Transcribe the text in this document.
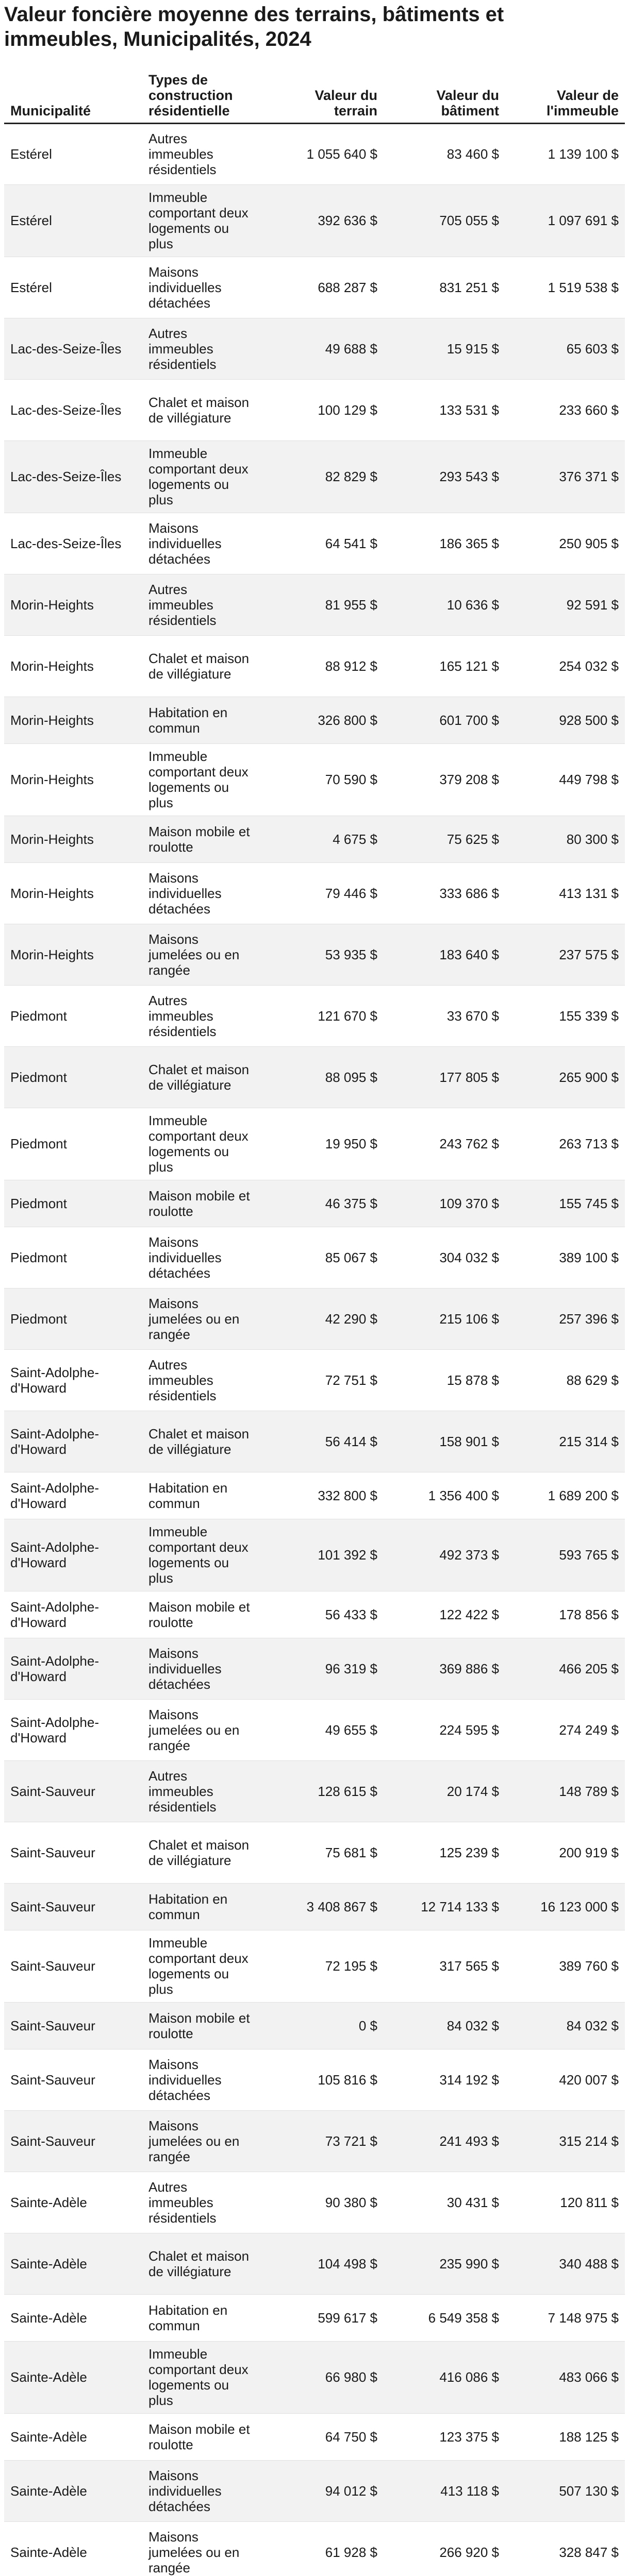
Valeur foncière moyenne des terrains, bâtiments et immeubles, Municipalités, 2024
Municipalité	Types de construction résidentielle	Valeur du terrain	Valeur du bâtiment	Valeur de l'immeuble
Estérel	Autres immeubles résidentiels	1 055 640 $	83 460 $	1 139 100 $
Estérel	Immeuble comportant deux logements ou plus	392 636 $	705 055 $	1 097 691 $
Estérel	Maisons individuelles détachées	688 287 $	831 251 $	1 519 538 $
Lac-des-Seize-Îles	Autres immeubles résidentiels	49 688 $	15 915 $	65 603 $
Lac-des-Seize-Îles	Chalet et maison de villégiature	100 129 $	133 531 $	233 660 $
Lac-des-Seize-Îles	Immeuble comportant deux logements ou plus	82 829 $	293 543 $	376 371 $
Lac-des-Seize-Îles	Maisons individuelles détachées	64 541 $	186 365 $	250 905 $
Morin-Heights	Autres immeubles résidentiels	81 955 $	10 636 $	92 591 $
Morin-Heights	Chalet et maison de villégiature	88 912 $	165 121 $	254 032 $
Morin-Heights	Habitation en commun	326 800 $	601 700 $	928 500 $
Morin-Heights	Immeuble comportant deux logements ou plus	70 590 $	379 208 $	449 798 $
Morin-Heights	Maison mobile et roulotte	4 675 $	75 625 $	80 300 $
Morin-Heights	Maisons individuelles détachées	79 446 $	333 686 $	413 131 $
Morin-Heights	Maisons jumelées ou en rangée	53 935 $	183 640 $	237 575 $
Piedmont	Autres immeubles résidentiels	121 670 $	33 670 $	155 339 $
Piedmont	Chalet et maison de villégiature	88 095 $	177 805 $	265 900 $
Piedmont	Immeuble comportant deux logements ou plus	19 950 $	243 762 $	263 713 $
Piedmont	Maison mobile et roulotte	46 375 $	109 370 $	155 745 $
Piedmont	Maisons individuelles détachées	85 067 $	304 032 $	389 100 $
Piedmont	Maisons jumelées ou en rangée	42 290 $	215 106 $	257 396 $
Saint-Adolphe-d'Howard	Autres immeubles résidentiels	72 751 $	15 878 $	88 629 $
Saint-Adolphe-d'Howard	Chalet et maison de villégiature	56 414 $	158 901 $	215 314 $
Saint-Adolphe-d'Howard	Habitation en commun	332 800 $	1 356 400 $	1 689 200 $
Saint-Adolphe-d'Howard	Immeuble comportant deux logements ou plus	101 392 $	492 373 $	593 765 $
Saint-Adolphe-d'Howard	Maison mobile et roulotte	56 433 $	122 422 $	178 856 $
Saint-Adolphe-d'Howard	Maisons individuelles détachées	96 319 $	369 886 $	466 205 $
Saint-Adolphe-d'Howard	Maisons jumelées ou en rangée	49 655 $	224 595 $	274 249 $
Saint-Sauveur	Autres immeubles résidentiels	128 615 $	20 174 $	148 789 $
Saint-Sauveur	Chalet et maison de villégiature	75 681 $	125 239 $	200 919 $
Saint-Sauveur	Habitation en commun	3 408 867 $	12 714 133 $	16 123 000 $
Saint-Sauveur	Immeuble comportant deux logements ou plus	72 195 $	317 565 $	389 760 $
Saint-Sauveur	Maison mobile et roulotte	0 $	84 032 $	84 032 $
Saint-Sauveur	Maisons individuelles détachées	105 816 $	314 192 $	420 007 $
Saint-Sauveur	Maisons jumelées ou en rangée	73 721 $	241 493 $	315 214 $
Sainte-Adèle	Autres immeubles résidentiels	90 380 $	30 431 $	120 811 $
Sainte-Adèle	Chalet et maison de villégiature	104 498 $	235 990 $	340 488 $
Sainte-Adèle	Habitation en commun	599 617 $	6 549 358 $	7 148 975 $
Sainte-Adèle	Immeuble comportant deux logements ou plus	66 980 $	416 086 $	483 066 $
Sainte-Adèle	Maison mobile et roulotte	64 750 $	123 375 $	188 125 $
Sainte-Adèle	Maisons individuelles détachées	94 012 $	413 118 $	507 130 $
Sainte-Adèle	Maisons jumelées ou en rangée	61 928 $	266 920 $	328 847 $
